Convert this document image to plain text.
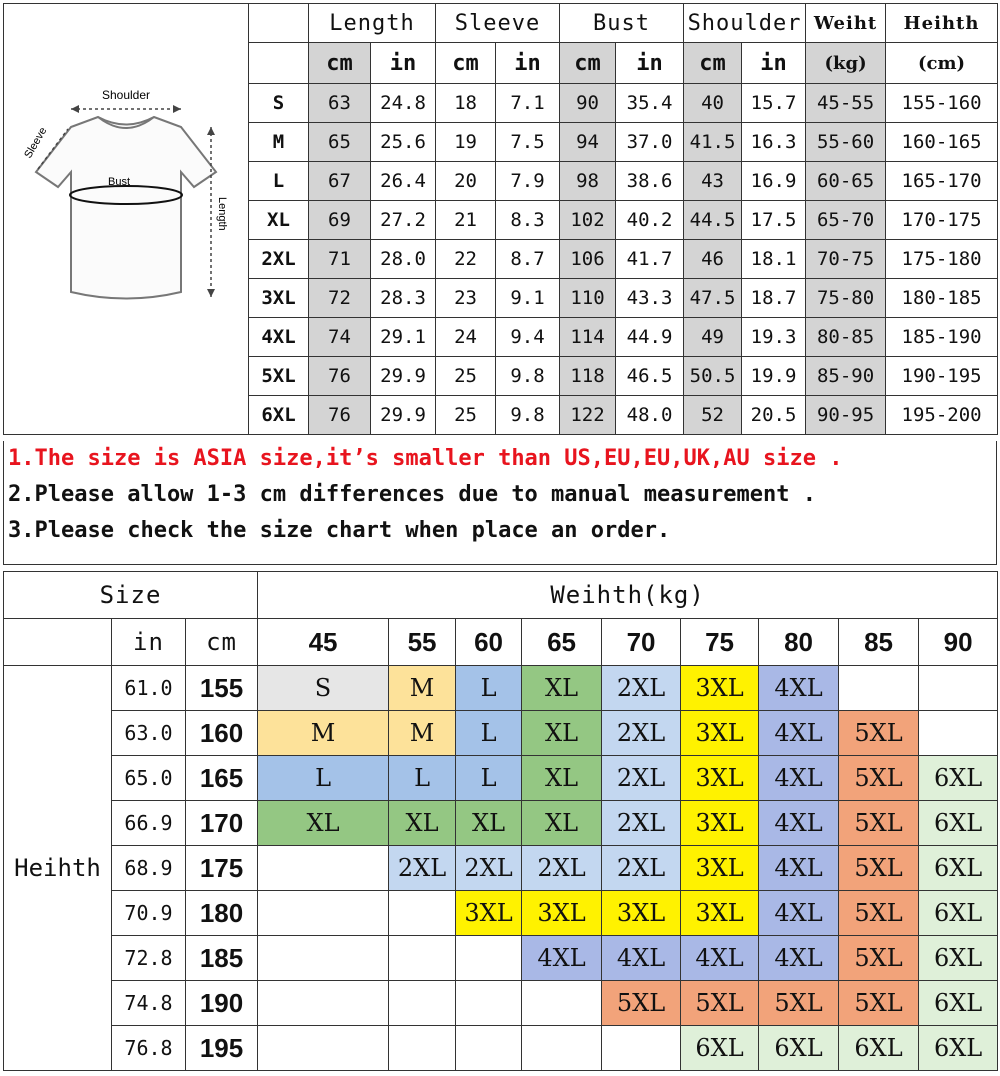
Shoulder
Sleeve
Bust
Length		Length		Sleeve		Bust		Shoulder		Weiht	Heihth
		cm	in	cm	in	cm	in	cm	in	(kg)	(cm)
	S	63	24.8	18	7.1	90	35.4	40	15.7	45-55	155-160
	M	65	25.6	19	7.5	94	37.0	41.5	16.3	55-60	160-165
	L	67	26.4	20	7.9	98	38.6	43	16.9	60-65	165-170
	XL	69	27.2	21	8.3	102	40.2	44.5	17.5	65-70	170-175
	2XL	71	28.0	22	8.7	106	41.7	46	18.1	70-75	175-180
	3XL	72	28.3	23	9.1	110	43.3	47.5	18.7	75-80	180-185
	4XL	74	29.1	24	9.4	114	44.9	49	19.3	80-85	185-190
	5XL	76	29.9	25	9.8	118	46.5	50.5	19.9	85-90	190-195
	6XL	76	29.9	25	9.8	122	48.0	52	20.5	90-95	195-200
1.The size is ASIA size,it’s smaller than US,EU,EU,UK,AU size .
2.Please allow 1-3 cm differences due to manual measurement .
3.Please check the size chart when place an order.
Size			Weihth(kg)								
	in	cm	45	55	60	65	70	75	80	85	90
Heihth	61.0	155	S	M	L	XL	2XL	3XL	4XL		
	63.0	160	M	M	L	XL	2XL	3XL	4XL	5XL	
	65.0	165	L	L	L	XL	2XL	3XL	4XL	5XL	6XL
	66.9	170	XL	XL	XL	XL	2XL	3XL	4XL	5XL	6XL
	68.9	175		2XL	2XL	2XL	2XL	3XL	4XL	5XL	6XL
	70.9	180			3XL	3XL	3XL	3XL	4XL	5XL	6XL
	72.8	185				4XL	4XL	4XL	4XL	5XL	6XL
	74.8	190					5XL	5XL	5XL	5XL	6XL
	76.8	195						6XL	6XL	6XL	6XL
